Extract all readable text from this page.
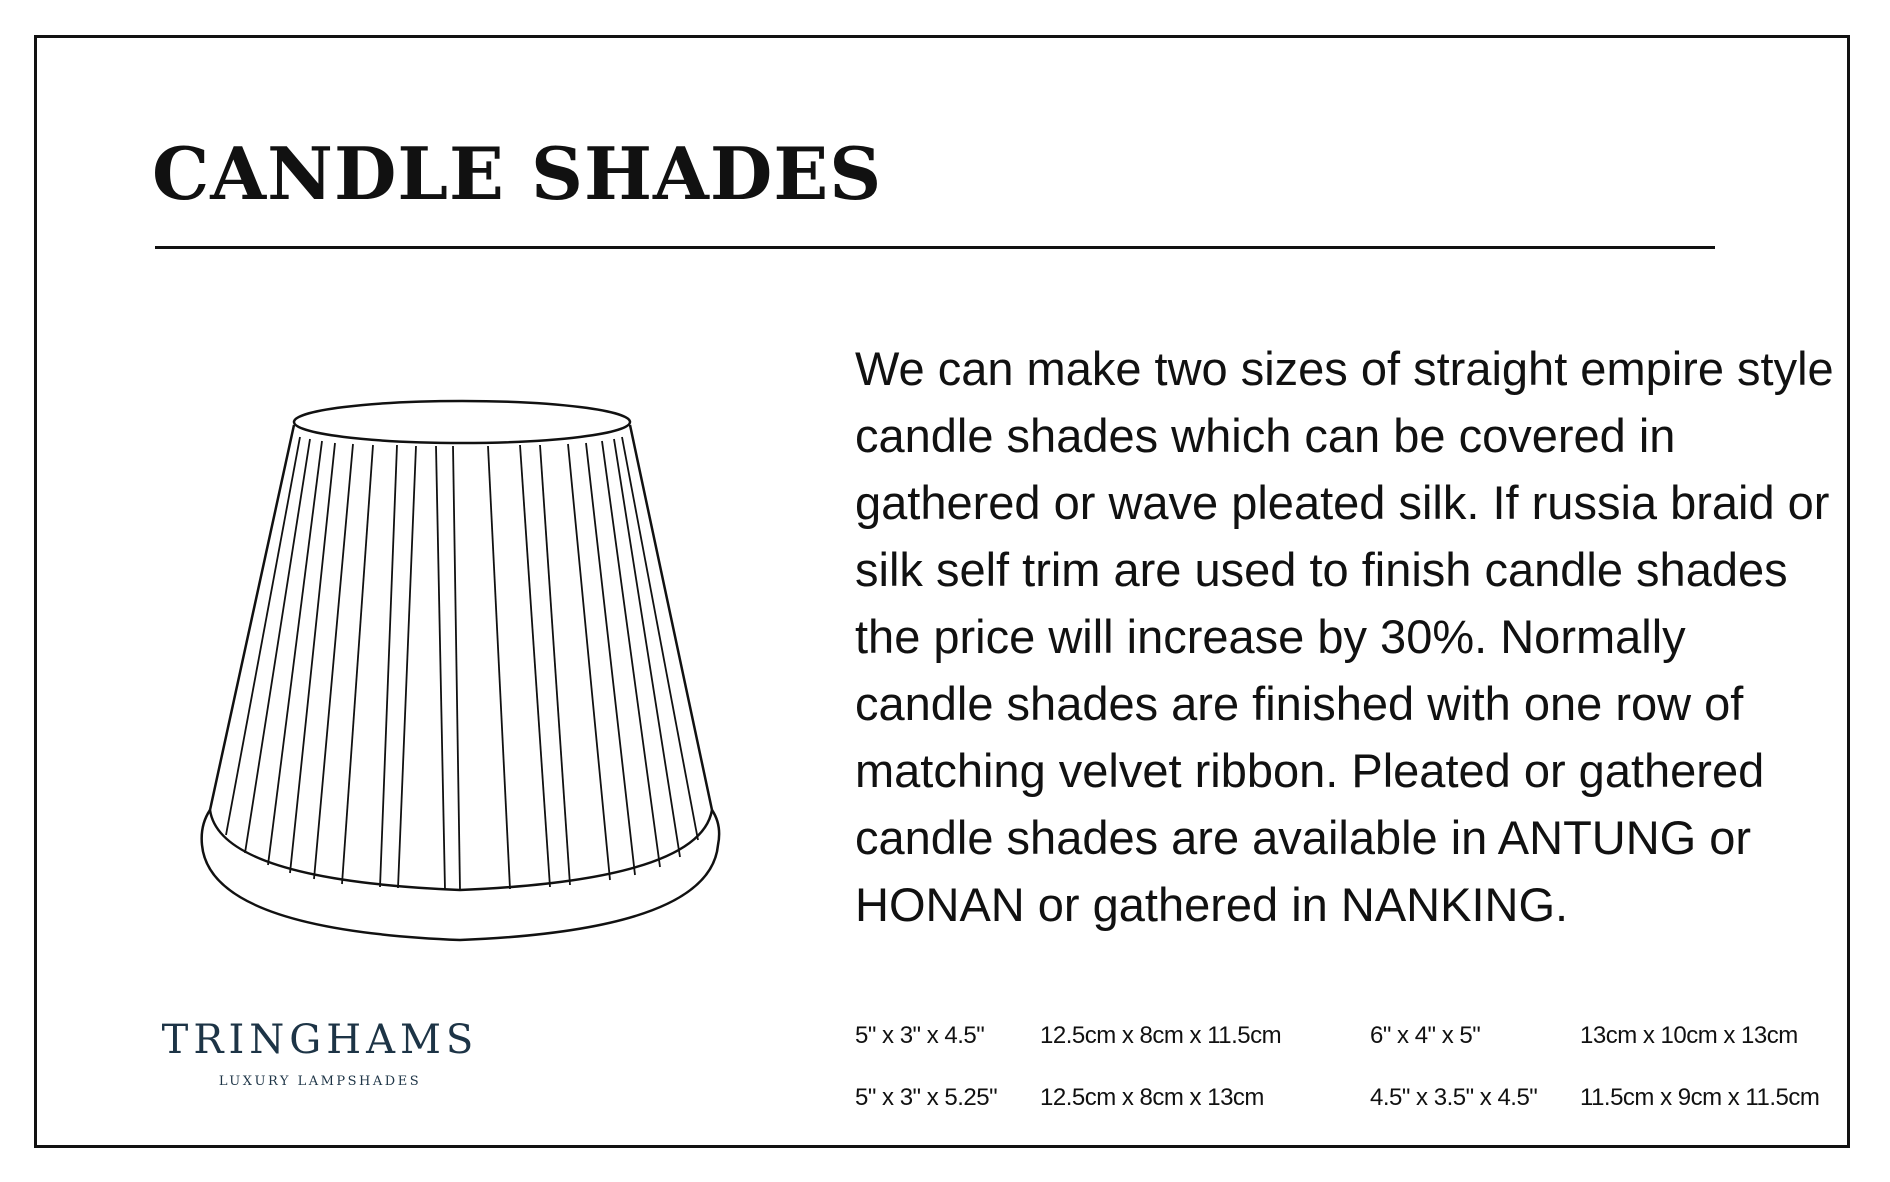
CANDLE SHADES
We can make two sizes of straight empire style candle shades which can be covered in gathered or wave pleated silk. If russia braid or silk self trim are used to finish candle shades the price will increase by 30%. Normally candle shades are finished with one row of matching velvet ribbon. Pleated or gathered candle shades are available in ANTUNG or HONAN or gathered in NANKING.
TRINGHAMS
LUXURY LAMPSHADES
5" x 3" x 4.5" 12.5cm x 8cm x 11.5cm	6" x 4" x 5"	13cm x 10cm x 13cm
5" x 3" x 5.25" 12.5cm x 8cm x 13cm	4.5" x 3.5" x 4.5" 11.5cm x 9cm x 11.5cm
